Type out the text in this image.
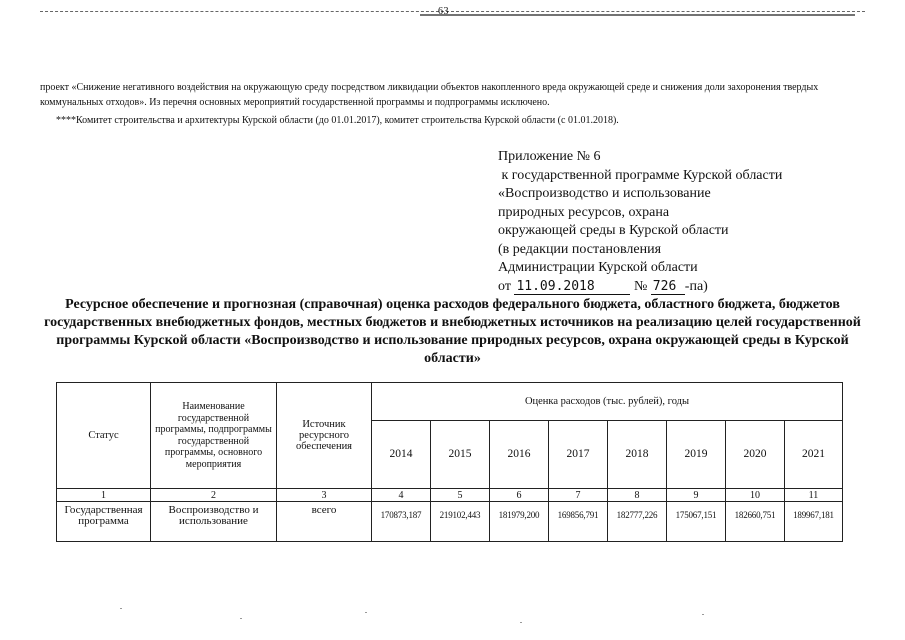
63
проект «Снижение негативного воздействия на окружающую среду посредством ликвидации объектов накопленного вреда окружающей среде и снижения доли захоронения твердых коммунальных отходов». Из перечня основных мероприятий государственной программы и подпрограммы исключено.
****Комитет строительства и архитектуры Курской области (до 01.01.2017), комитет строительства Курской области (с 01.01.2018).
Приложение № 6
к государственной программе Курской области
«Воспроизводство и использование
природных ресурсов, охрана
окружающей среды в Курской области
(в редакции постановления
Администрации Курской области
от 11.09.2018	№ 726 -па)
Ресурсное обеспечение и прогнозная (справочная) оценка расходов федерального бюджета, областного бюджета, бюджетов государственных внебюджетных фондов, местных бюджетов и внебюджетных источников на реализацию целей государственной программы Курской области «Воспроизводство и использование природных ресурсов, охрана окружающей среды в Курской области»
Статус	Наименование государственной программы, подпрограммы государственной программы, основного мероприятия	Источник ресурсного обеспечения	Оценка расходов (тыс. рублей), годы							
			2014	2015	2016	2017	2018	2019	2020	2021
1	2	3	4	5	6	7	8	9	10	11
Государственная программа	Воспроизводство и использование	всего	170873,187	219102,443	181979,200	169856,791	182777,226	175067,151	182660,751	189967,181
